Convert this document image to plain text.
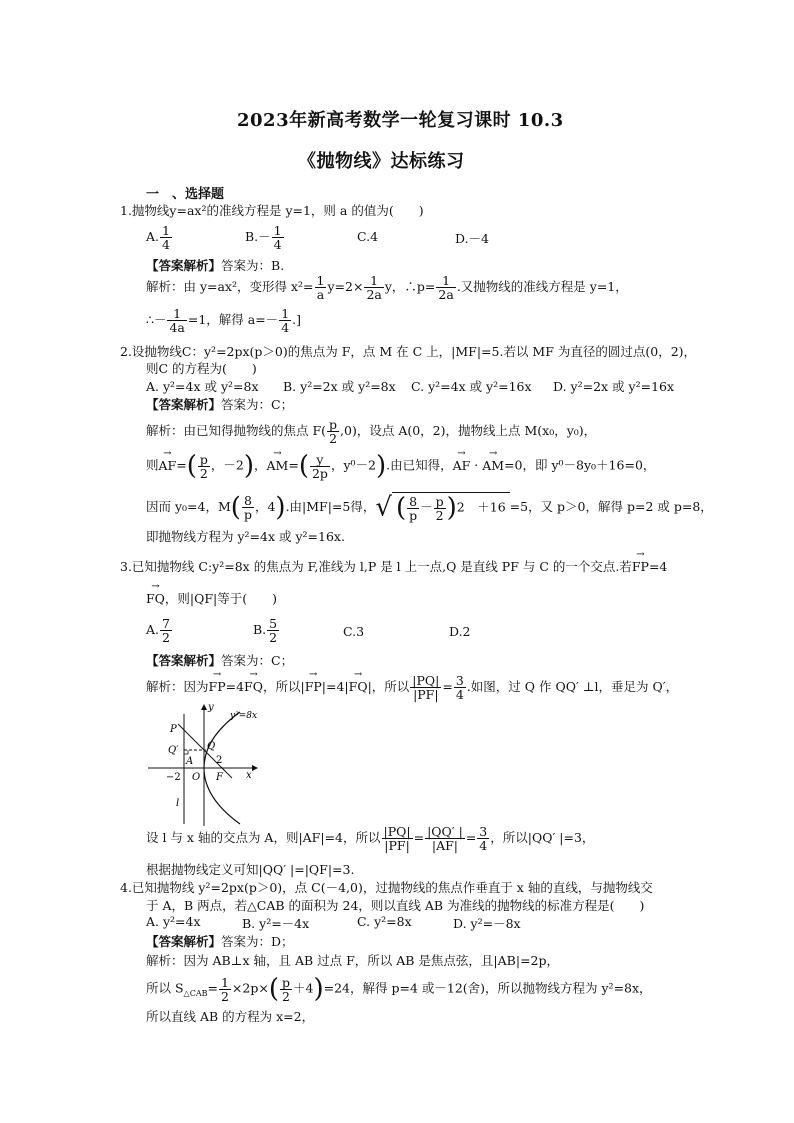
2023年新高考数学一轮复习课时 10.3
《抛物线》达标练习
一　、选择题
1.抛物线y=ax²的准线方程是 y=1，则 a 的值为(　　)
A. $\frac{1}{4}$	$B.- \frac{1}{4}$	C.4	D.－4
【答案解析】答案为：B.
解析：由 y=ax²，变形得 $x^2= \frac{1}{a} y=2\times \frac{1}{2a}$ y，∴p= $\frac{1}{2a}$ .又抛物线的准线方程是 y=1，
∴－ $\frac{1}{4a} =1$，解得 $a=- \frac{1}{4}$ .]
2.设抛物线C：y²=2px(p＞0)的焦点为 F，点 M 在 C 上，|MF|=5.若以 MF 为直径的圆过点(0，2)，
则C 的方程为(　　)
A. y²=4x 或 y²=8x B. y²=2x 或 y²=8x C. y²=4x 或 y²=16x D. y²=2x 或 y²=16x
【答案解析】答案为：C；
解析：由已知得抛物线的焦点 $F( \frac{p}{2} ,0)$，设点 A(0，2)，抛物线上点 M(x₀，y₀)，
则→ $AF=( \frac{p}{2}$ ，－2)，→ $AM=( \frac{y}{2p}$ ，y⁰－2).由已知得，→ AF · → AM=0，即 y⁰－8y₀＋16=0，
因而 y₀=4，$M( \frac{8}{p}$ ，4).由|MF|=5得，√ ( $\frac{8}{p} - \frac{p}{2} )2$　＋16 =5，又 p＞0，解得 p=2 或 p=8，
即抛物线方程为 y²=4x 或 y²=16x.
3.已知抛物线 C:y²=8x 的焦点为 F,准线为 l,P 是 l 上一点,Q 是直线 PF 与 C 的一个交点.若→ FP=4
→ FQ，则|QF|等于(　　)
A. $\frac{7}{2}$	B. $\frac{5}{2}$	C.3	D.2
【答案解析】答案为：C；
解析：因为→ FP=4→ FQ，所以|→ FP|=4|→ FQ|，所以 $\frac{|PQ|}{|PF|} = \frac{3}{4}$ .如图，过 Q 作 QQ′ ⊥l，垂足为 Q′，
y
y²=8x
P
Q′	Q
A 2
−2 O F x
l
设 l 与 x 轴的交点为 A，则|AF|=4，所以 $\frac{|PQ|}{|PF|} = \frac{|QQ' |}{|AF|} = \frac{3}{4}$ ，所以|QQ′ |=3，
根据抛物线定义可知|QQ′ |=|QF|=3.
4.已知抛物线 y²=2px(p＞0)，点 C(－4,0)，过抛物线的焦点作垂直于 x 轴的直线，与抛物线交
于 A，B 两点，若△CAB 的面积为 24，则以直线 AB 为准线的抛物线的标准方程是(　　)
A. y²=4x	B. y²=－4x	C. y²=8x	D. y²=－8x
【答案解析】答案为：D；
解析：因为 AB⊥x 轴，且 AB 过点 F，所以 AB 是焦点弦，且|AB|=2p，
所以 $S_{\triangle CAB}= \frac{1}{2} \times 2p\times( \frac{p}{2} +4)=24$，解得 p=4 或－12(舍)，所以抛物线方程为 y²=8x，
所以直线 AB 的方程为 x=2，
